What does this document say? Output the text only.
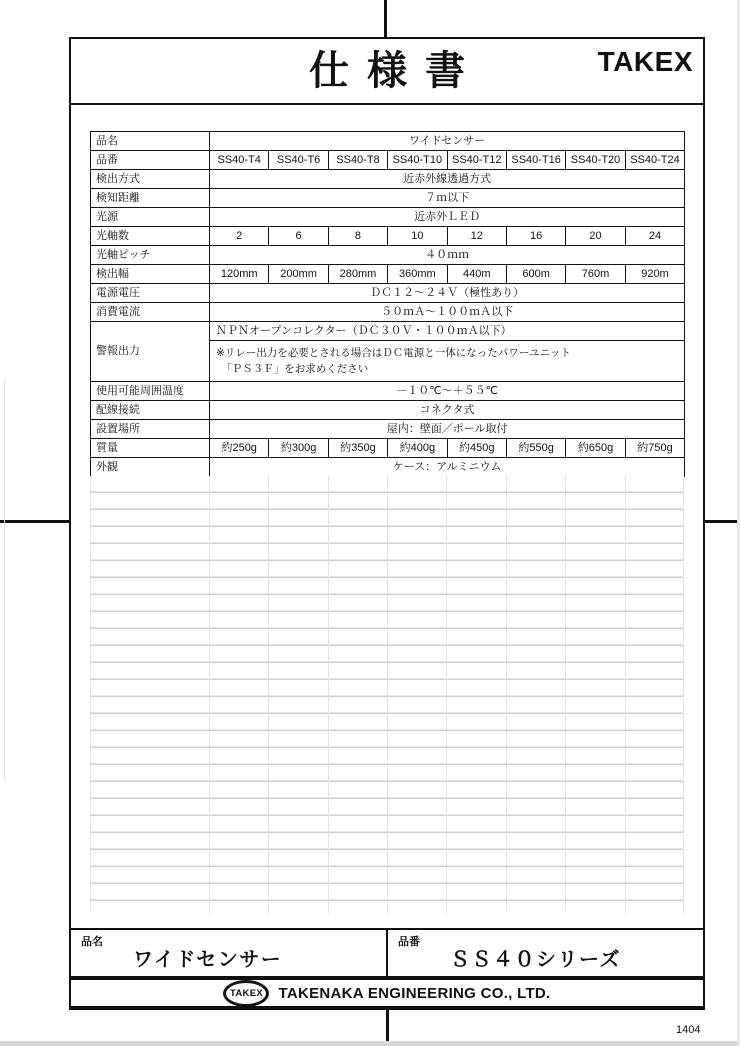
仕様書	TAKEX
品名	ワイドセンサー							
品番	SS40-T4	SS40-T6	SS40-T8	SS40-T10	SS40-T12	SS40-T16	SS40-T20	SS40-T24
検出方式	近赤外線透過方式							
検知距離	７ｍ以下							
光源	近赤外ＬＥＤ							
光軸数	2	6	8	10	12	16	20	24
光軸ピッチ	４０ｍｍ							
検出幅	120mm	200mm	280mm	360mm	440m	600m	760m	920m
電源電圧	ＤＣ１２～２４Ｖ（極性あり）							
消費電流	５０ｍＡ～１００ｍＡ以下							
警報出力	ＮＰＮオープンコレクター（ＤＣ３０Ｖ・１００ｍＡ以下）							

	※リレー出力を必要とされる場合はＤＣ電源と一体になったパワーユニット
　「ＰＳ３Ｆ」をお求めください							

使用可能周囲温度	－１０℃～＋５５℃							
配線接続	コネクタ式							
設置場所	屋内：壁面／ポール取付							
質量	約250g	約300g	約350g	約400g	約450g	約550g	約650g	約750g
外観	ケース：アルミニウム							
品名
ワイドセンサー
品番
ＳＳ４０シリーズ
TAKEX	TAKENAKA ENGINEERING CO., LTD.
1404
